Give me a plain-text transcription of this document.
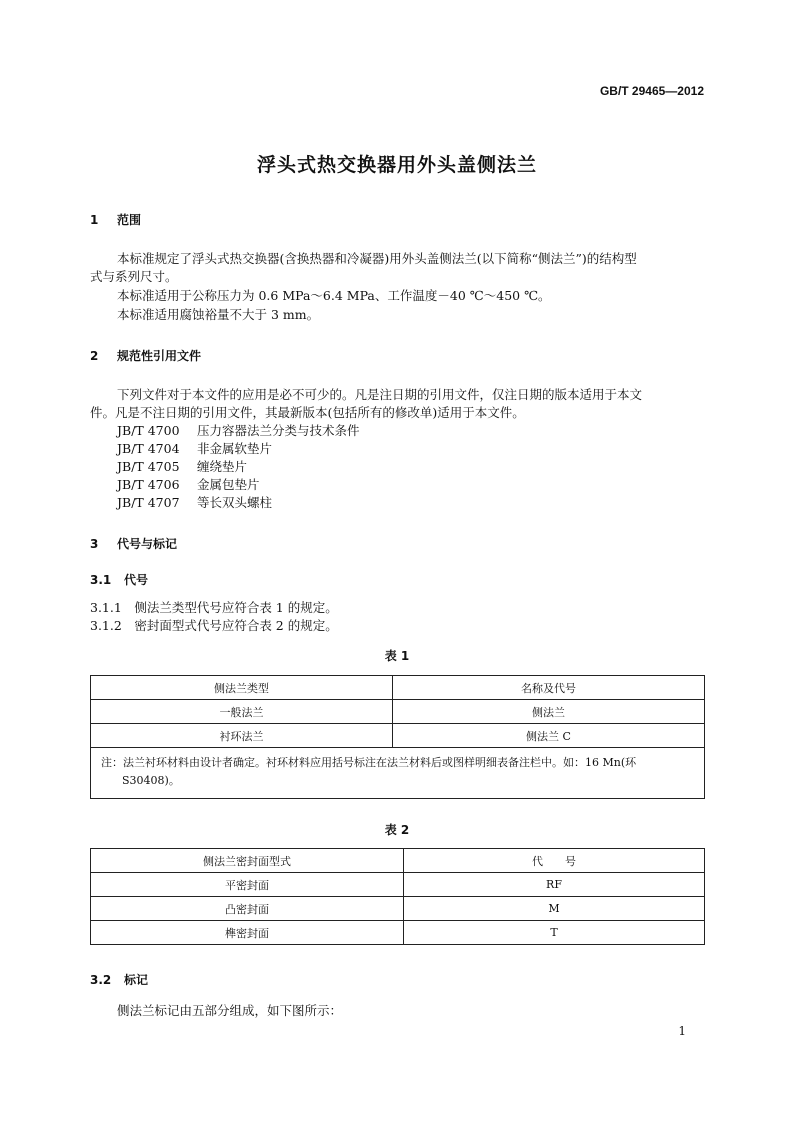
GB/T 29465—2012
浮头式热交换器用外头盖侧法兰
1 范围
本标准规定了浮头式热交换器(含换热器和冷凝器)用外头盖侧法兰(以下简称“侧法兰”)的结构型
式与系列尺寸。
本标准适用于公称压力为 0.6 MPa～6.4 MPa、工作温度－40 ℃～450 ℃。
本标准适用腐蚀裕量不大于 3 mm。
2 规范性引用文件
下列文件对于本文件的应用是必不可少的。凡是注日期的引用文件，仅注日期的版本适用于本文
件。凡是不注日期的引用文件，其最新版本(包括所有的修改单)适用于本文件。
JB/T 4700 压力容器法兰分类与技术条件
JB/T 4704 非金属软垫片
JB/T 4705 缠绕垫片
JB/T 4706 金属包垫片
JB/T 4707 等长双头螺柱
3 代号与标记
3.1 代号
3.1.1　 侧法兰类型代号应符合表 1 的规定。
3.1.2　 密封面型式代号应符合表 2 的规定。
表 1
侧法兰类型	名称及代号
一般法兰	侧法兰
衬环法兰	侧法兰 C

注：法兰衬环材料由设计者确定。衬环材料应用括号标注在法兰材料后或图样明细表备注栏中。如：16 Mn(环
S30408)。	
表 2
侧法兰密封面型式	代　　号
平密封面	RF
凸密封面	M
榫密封面	T
3.2 标记
侧法兰标记由五部分组成，如下图所示：
1
